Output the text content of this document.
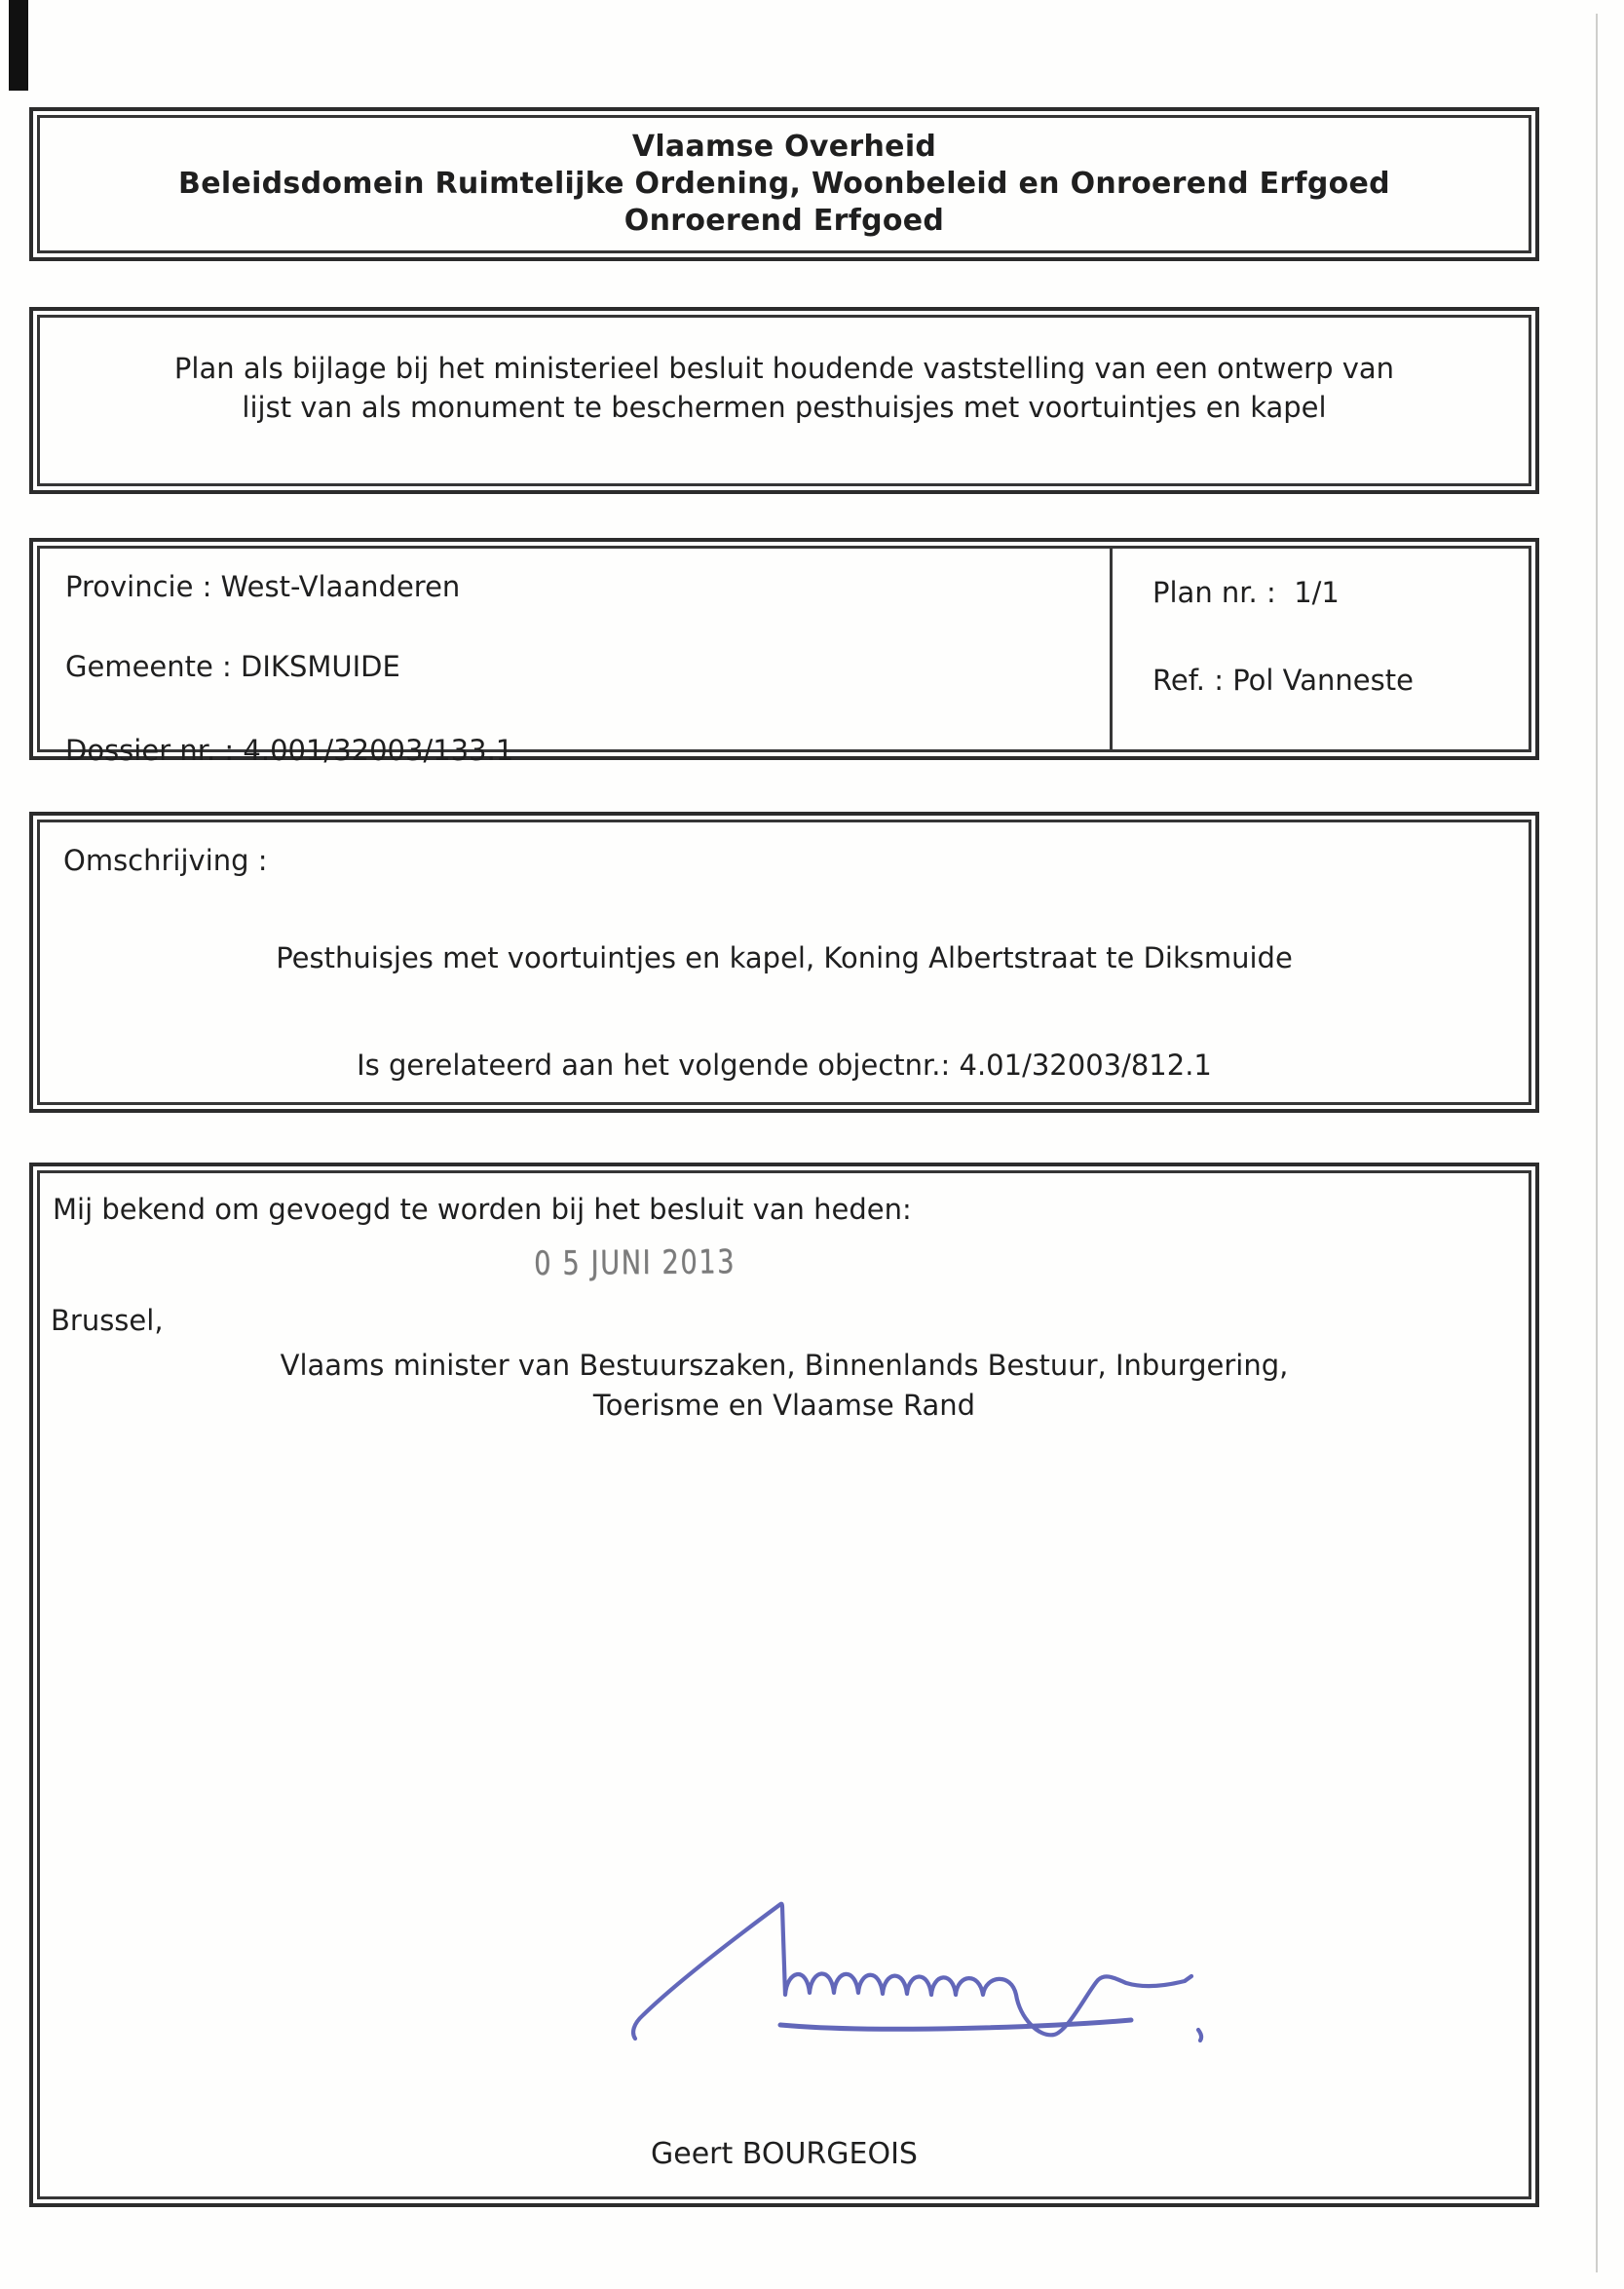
Vlaamse Overheid
Beleidsdomein Ruimtelijke Ordening, Woonbeleid en Onroerend Erfgoed
Onroerend Erfgoed
Plan als bijlage bij het ministerieel besluit houdende vaststelling van een ontwerp van
lijst van als monument te beschermen pesthuisjes met voortuintjes en kapel
Provincie : West-Vlaanderen
Gemeente : DIKSMUIDE
Dossier nr. : 4.001/32003/133.1
Plan nr. :  1/1
Ref. : Pol Vanneste
Omschrijving :
Pesthuisjes met voortuintjes en kapel, Koning Albertstraat te Diksmuide
Is gerelateerd aan het volgende objectnr.: 4.01/32003/812.1
Mij bekend om gevoegd te worden bij het besluit van heden:
0 5 JUNI 2013
Brussel,
Vlaams minister van Bestuurszaken, Binnenlands Bestuur, Inburgering,
Toerisme en Vlaamse Rand
Geert BOURGEOIS
